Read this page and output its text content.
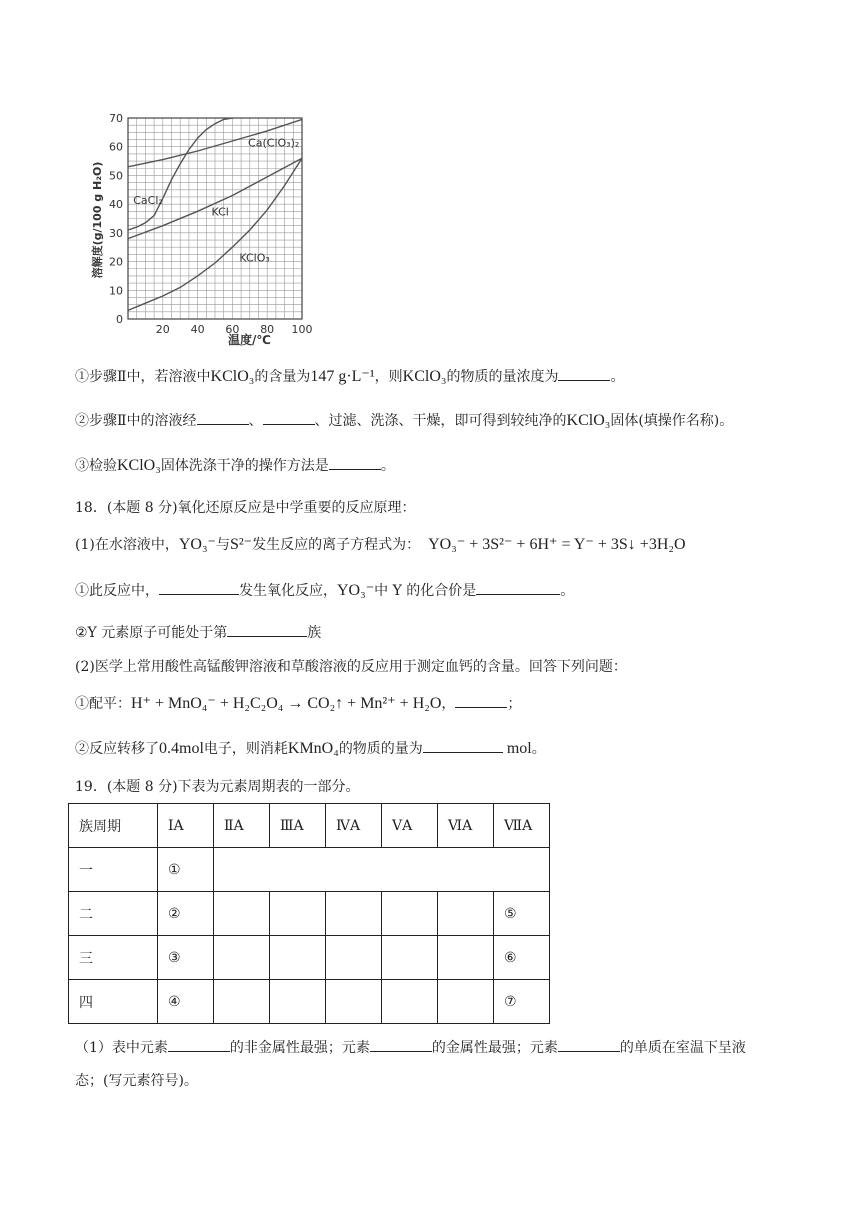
0
10
20
30
40
50
60
70
20 40 60 80 100
温度/℃
溶解度(g/100 g H₂O)	CaCl₂
Ca(ClO₃)₂
KCl
KClO₃
①步骤Ⅱ中，若溶液中KClO₃的含量为147 g·L⁻¹，则KClO₃的物质的量浓度为	。
②步骤Ⅱ中的溶液经	、	、过滤、洗涤、干燥，即可得到较纯净的KClO₃固体(填操作名称)。
③检验KClO₃固体洗涤干净的操作方法是	。
18．(本题 8 分)氧化还原反应是中学重要的反应原理：
(1)在水溶液中，YO₃⁻与S²⁻发生反应的离子方程式为： YO₃⁻ + 3S²⁻ + 6H⁺ = Y⁻ + 3S↓ +3H₂O
①此反应中，	发生氧化反应，YO₃⁻中 Y 的化合价是	。
②Y 元素原子可能处于第	族
(2)医学上常用酸性高锰酸钾溶液和草酸溶液的反应用于测定血钙的含量。回答下列问题：
①配平：H⁺ + MnO₄⁻ + H₂C₂O₄ → CO₂↑ + Mn²⁺ + H₂O，	；
②反应转移了0.4mol电子，则消耗KMnO₄的物质的量为	mol。
19．(本题 8 分)下表为元素周期表的一部分。
族周期	ⅠA	ⅡA	ⅢA	ⅣA	ⅤA	ⅥA	ⅦA
一	①						
二	②						⑤
三	③						⑥
四	④						⑦
（1）表中元素	的非金属性最强；元素	的金属性最强；元素	的单质在室温下呈液
态；(写元素符号)。
